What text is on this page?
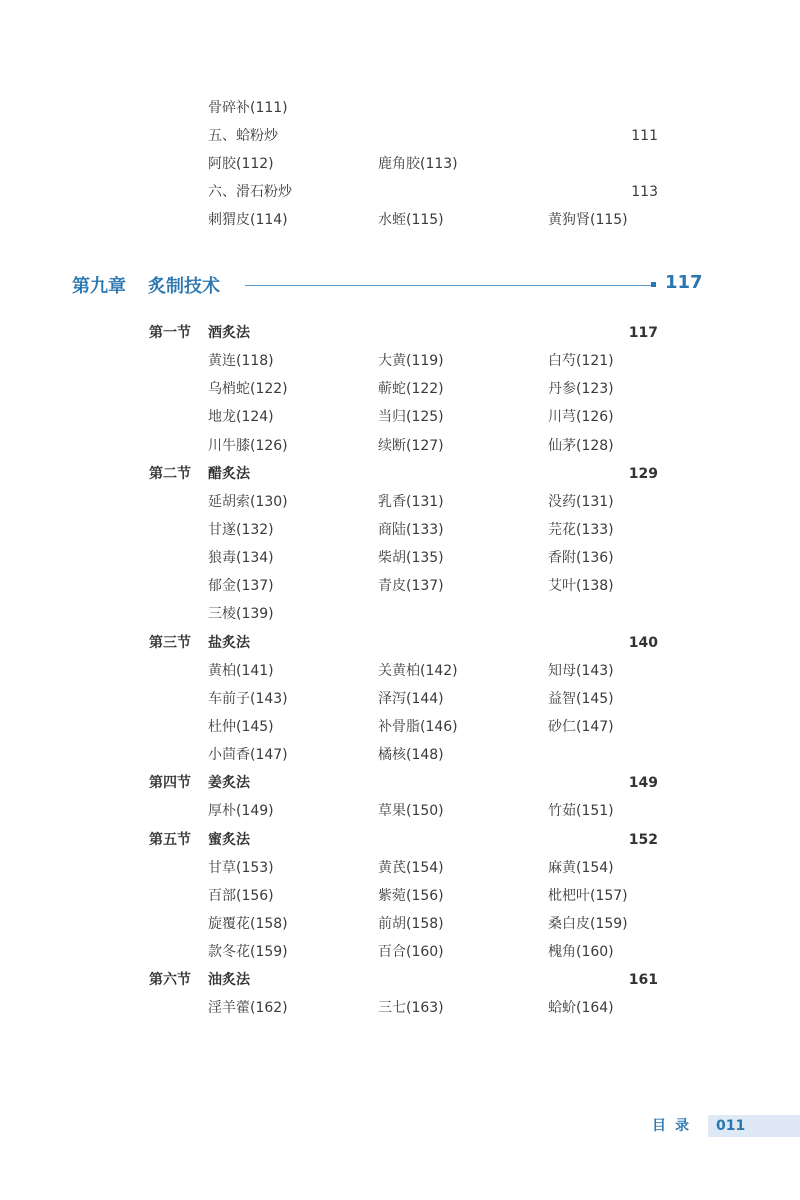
骨碎补(111)
五、蛤粉炒	111
阿胶(112)	鹿角胶(113)
六、滑石粉炒	113
刺猬皮(114)	水蛭(115)	黄狗肾(115)
第九章 炙制技术	117
第一节 酒炙法	117
黄连(118)	大黄(119)	白芍(121)
乌梢蛇(122)	蕲蛇(122)	丹参(123)
地龙(124)	当归(125)	川芎(126)
川牛膝(126)	续断(127)	仙茅(128)
第二节 醋炙法	129
延胡索(130)	乳香(131)	没药(131)
甘遂(132)	商陆(133)	芫花(133)
狼毒(134)	柴胡(135)	香附(136)
郁金(137)	青皮(137)	艾叶(138)
三棱(139)
第三节 盐炙法	140
黄柏(141)	关黄柏(142)	知母(143)
车前子(143)	泽泻(144)	益智(145)
杜仲(145)	补骨脂(146)	砂仁(147)
小茴香(147)	橘核(148)
第四节 姜炙法	149
厚朴(149)	草果(150)	竹茹(151)
第五节 蜜炙法	152
甘草(153)	黄芪(154)	麻黄(154)
百部(156)	紫菀(156)	枇杷叶(157)
旋覆花(158)	前胡(158)	桑白皮(159)
款冬花(159)	百合(160)	槐角(160)
第六节 油炙法	161
淫羊藿(162)	三七(163)	蛤蚧(164)
目录 011
